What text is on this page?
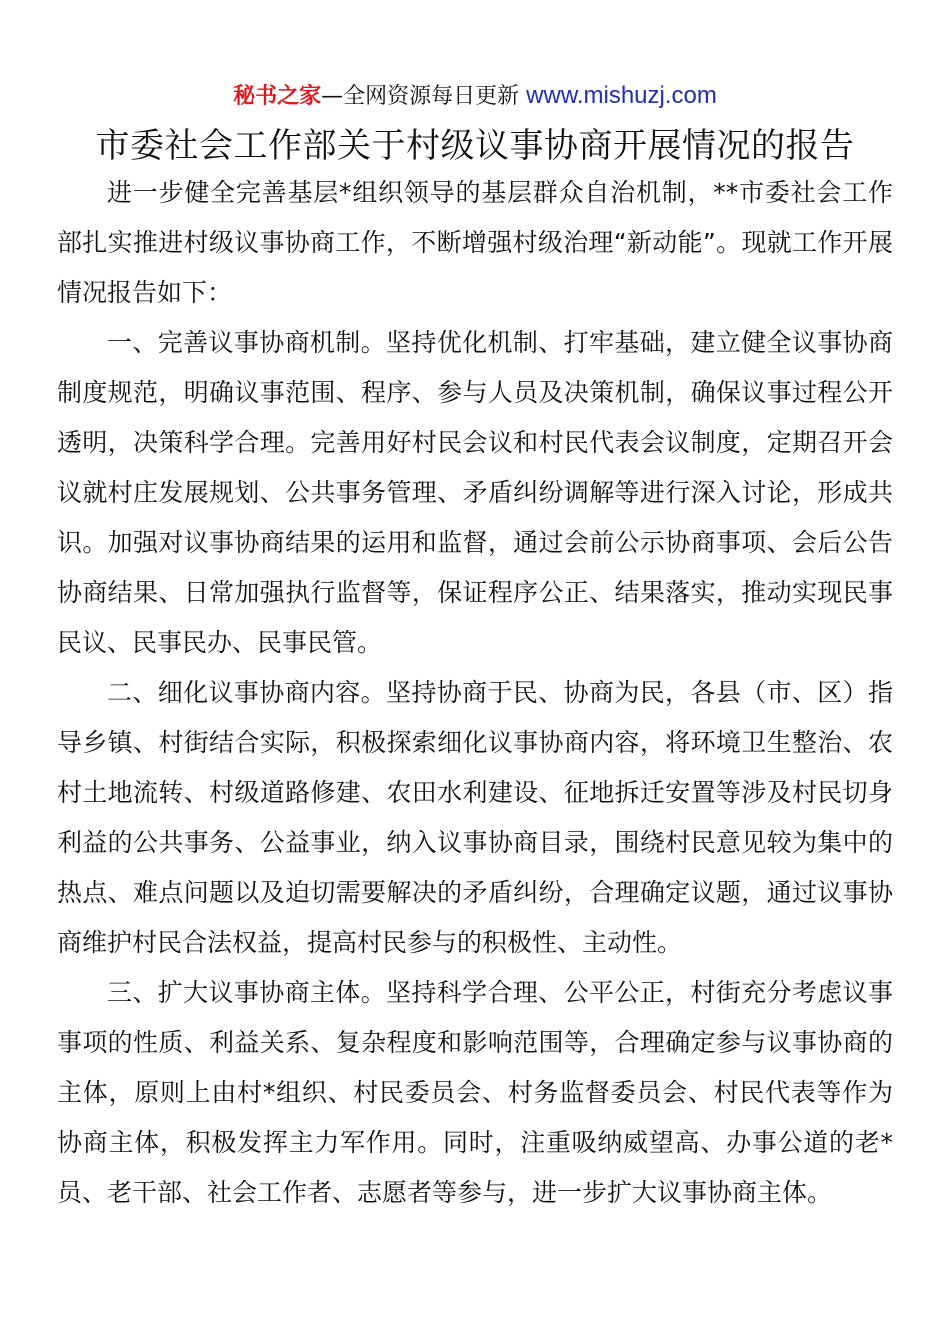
秘书之家—全网资源每日更新 www.mishuzj.com
市委社会工作部关于村级议事协商开展情况的报告

进一步健全完善基层*组织领导的基层群众自治机制，**市委社会工作部扎实推进村级议事协商工作，不断增强村级治理“新动能”。现就工作开展情况报告如下：

一、完善议事协商机制。坚持优化机制、打牢基础，建立健全议事协商制度规范，明确议事范围、程序、参与人员及决策机制，确保议事过程公开透明，决策科学合理。完善用好村民会议和村民代表会议制度，定期召开会议就村庄发展规划、公共事务管理、矛盾纠纷调解等进行深入讨论，形成共识。加强对议事协商结果的运用和监督，通过会前公示协商事项、会后公告协商结果、日常加强执行监督等，保证程序公正、结果落实，推动实现民事民议、民事民办、民事民管。

二、细化议事协商内容。坚持协商于民、协商为民，各县（市、区）指导乡镇、村街结合实际，积极探索细化议事协商内容，将环境卫生整治、农村土地流转、村级道路修建、农田水利建设、征地拆迁安置等涉及村民切身利益的公共事务、公益事业，纳入议事协商目录，围绕村民意见较为集中的热点、难点问题以及迫切需要解决的矛盾纠纷，合理确定议题，通过议事协商维护村民合法权益，提高村民参与的积极性、主动性。

三、扩大议事协商主体。坚持科学合理、公平公正，村街充分考虑议事事项的性质、利益关系、复杂程度和影响范围等，合理确定参与议事协商的主体，原则上由村*组织、村民委员会、村务监督委员会、村民代表等作为协商主体，积极发挥主力军作用。同时，注重吸纳威望高、办事公道的老*员、老干部、社会工作者、志愿者等参与，进一步扩大议事协商主体。
